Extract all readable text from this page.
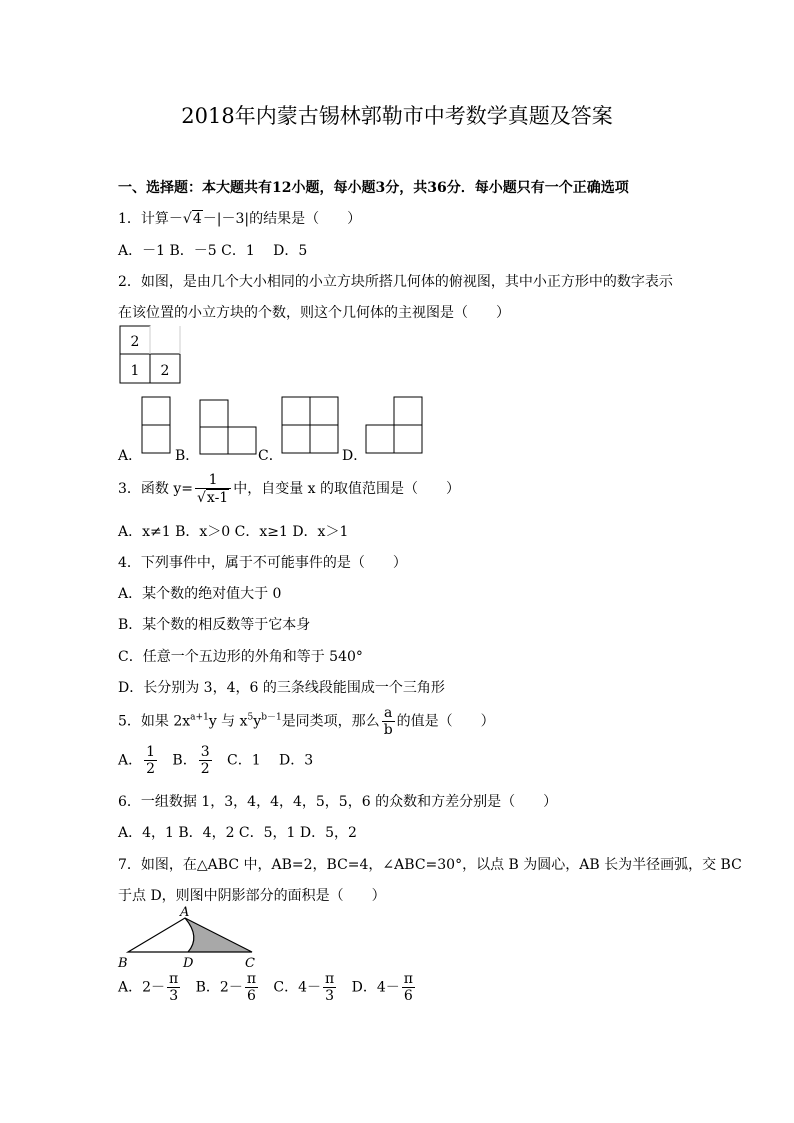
2018年内蒙古锡林郭勒市中考数学真题及答案
一、选择题：本大题共有12小题，每小题3分，共36分．每小题只有一个正确选项
1．计算－√4－|－3|的结果是（　　）
A．－1 B．－5 C．1　 D．5
2．如图，是由几个大小相同的小立方块所搭几何体的俯视图，其中小正方形中的数字表示
在该位置的小立方块的个数，则这个几何体的主视图是（　　）
2
1 2
A
B	D	C
A． B．	C．	D．
3．函数 $y= \frac{1}{√x-1}$ 中，自变量 x 的取值范围是（　　）
A．x≠1 B．x＞0 C．x≥1 D．x＞1
4．下列事件中，属于不可能事件的是（　　）
A．某个数的绝对值大于 0
B．某个数的相反数等于它本身
C．任意一个五边形的外角和等于 540°
D．长分别为 3，4，6 的三条线段能围成一个三角形
5．如果 $2x^{a+1}y$ 与 $x^5y^{b-1}$是同类项，那么 $\frac{a}{b}$ 的值是（　　）
A． $\frac{1}{2}$ B． $\frac{3}{2}$ C．1　 D．3
6．一组数据 1，3，4，4，4，5，5，6 的众数和方差分别是（　　）
A．4，1 B．4，2 C．5，1 D．5，2
7．如图，在△ABC 中，AB=2，BC=4，∠ABC=30°，以点 B 为圆心，AB 长为半径画弧，交 BC
于点 D，则图中阴影部分的面积是（　　）
A．$2- \frac{\pi}{3}$ B．$2- \frac{\pi}{6}$ C．$4- \frac{\pi}{3}$ D．$4- \frac{\pi}{6}$
